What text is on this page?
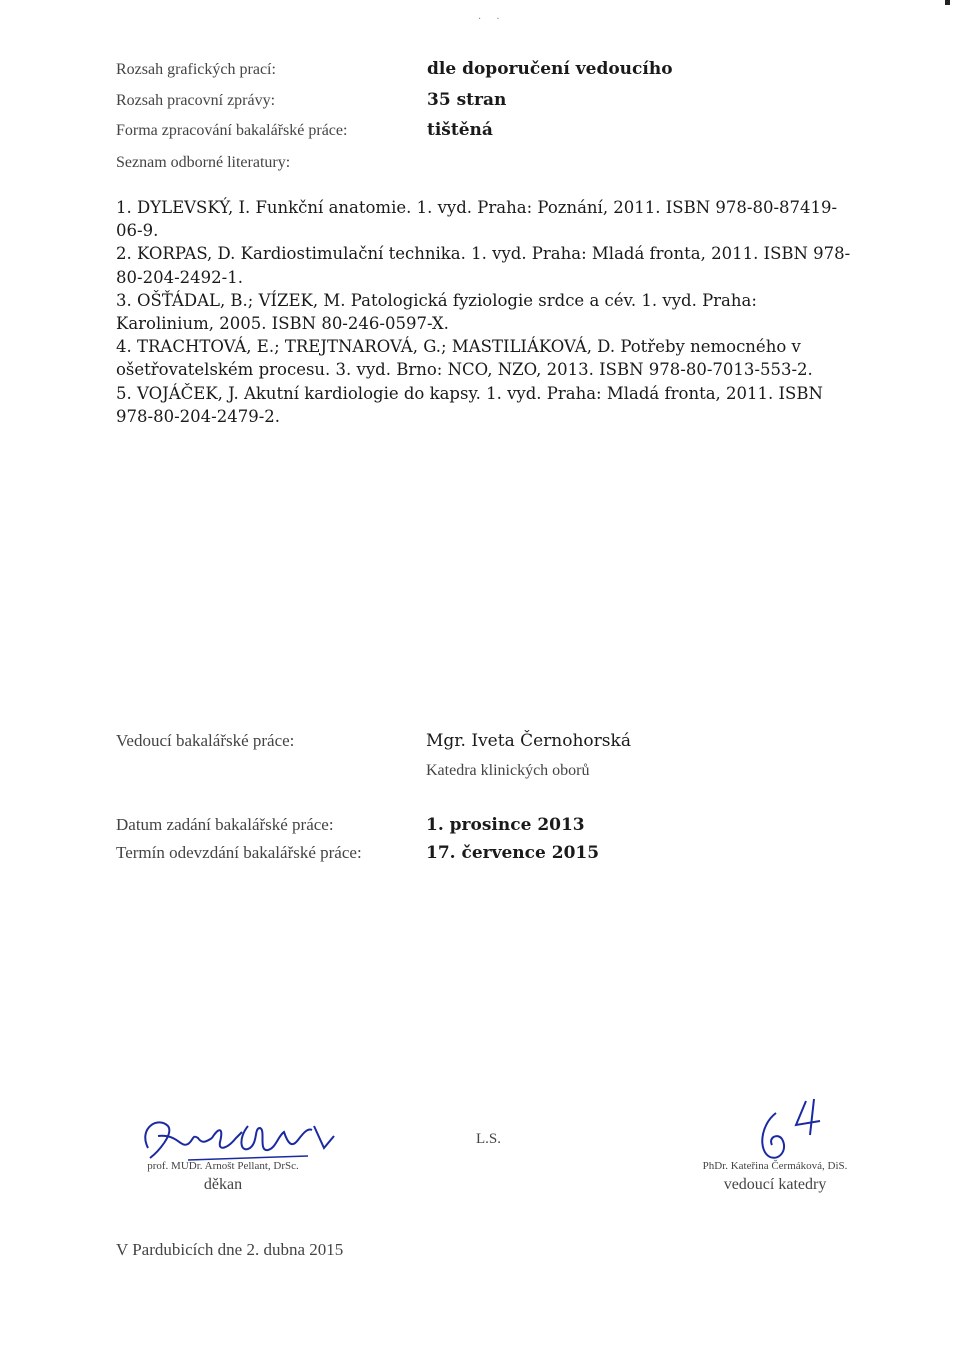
· ·
Rozsah grafických prací:	dle doporučení vedoucího
Rozsah pracovní zprávy:	35 stran
Forma zpracování bakalářské práce:	tištěná
Seznam odborné literatury:

1. DYLEVSKÝ, I. Funkční anatomie. 1. vyd. Praha: Poznání, 2011. ISBN 978-80-87419-06-9.

2. KORPAS, D. Kardiostimulační technika. 1. vyd. Praha: Mladá fronta, 2011. ISBN 978-80-204-2492-1.

3. OŠŤÁDAL, B.; VÍZEK, M. Patologická fyziologie srdce a cév. 1. vyd. Praha: Karolinium, 2005. ISBN 80-246-0597-X.

4. TRACHTOVÁ, E.; TREJTNAROVÁ, G.; MASTILIÁKOVÁ, D. Potřeby nemocného v ošetřovatelském procesu. 3. vyd. Brno: NCO, NZO, 2013. ISBN 978-80-7013-553-2.

5. VOJÁČEK, J. Akutní kardiologie do kapsy. 1. vyd. Praha: Mladá fronta, 2011. ISBN 978-80-204-2479-2.

Vedoucí bakalářské práce:	Mgr. Iveta Černohorská
Katedra klinických oborů
Datum zadání bakalářské práce:	1. prosince 2013
Termín odevzdání bakalářské práce:	17. července 2015
prof. MUDr. Arnošt Pellant, DrSc.
děkan
L.S.
PhDr. Kateřina Čermáková, DiS.
vedoucí katedry
V Pardubicích dne 2. dubna 2015
